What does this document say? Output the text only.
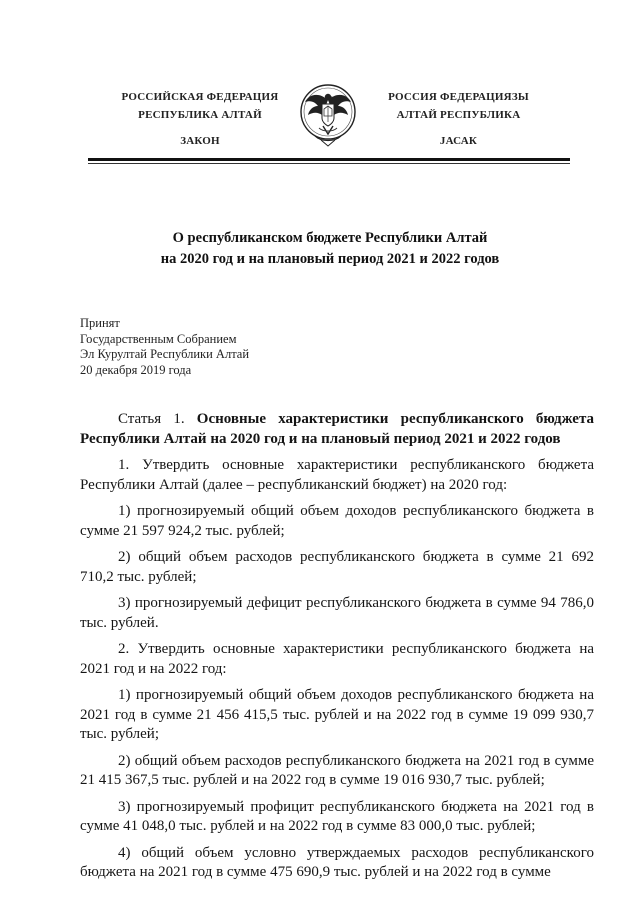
РОССИЙСКАЯ ФЕДЕРАЦИЯ
РЕСПУБЛИКА АЛТАЙ
ЗАКОН
РОССИЯ ФЕДЕРАЦИЯЗЫ
АЛТАЙ РЕСПУБЛИКА
JАСАК
О республиканском бюджете Республики Алтай
на 2020 год и на плановый период 2021 и 2022 годов
Принят
Государственным Собранием
Эл Курултай Республики Алтай
20 декабря 2019 года

Статья 1. Основные характеристики республиканского бюджета Республики Алтай на 2020 год и на плановый период 2021 и 2022 годов

1. Утвердить основные характеристики республиканского бюджета Республики Алтай (далее – республиканский бюджет) на 2020 год:

1) прогнозируемый общий объем доходов республиканского бюджета в сумме 21 597 924,2 тыс. рублей;

2) общий объем расходов республиканского бюджета в сумме 21 692 710,2 тыс. рублей;

3) прогнозируемый дефицит республиканского бюджета в сумме 94 786,0 тыс. рублей.

2. Утвердить основные характеристики республиканского бюджета на 2021 год и на 2022 год:

1) прогнозируемый общий объем доходов республиканского бюджета на 2021 год в сумме 21 456 415,5 тыс. рублей и на 2022 год в сумме 19 099 930,7 тыс. рублей;

2) общий объем расходов республиканского бюджета на 2021 год в сумме 21 415 367,5 тыс. рублей и на 2022 год в сумме 19 016 930,7 тыс. рублей;

3) прогнозируемый профицит республиканского бюджета на 2021 год в сумме 41 048,0 тыс. рублей и на 2022 год в сумме 83 000,0 тыс. рублей;

4) общий объем условно утверждаемых расходов республиканского бюджета на 2021 год в сумме 475 690,9 тыс. рублей и на 2022 год в сумме
